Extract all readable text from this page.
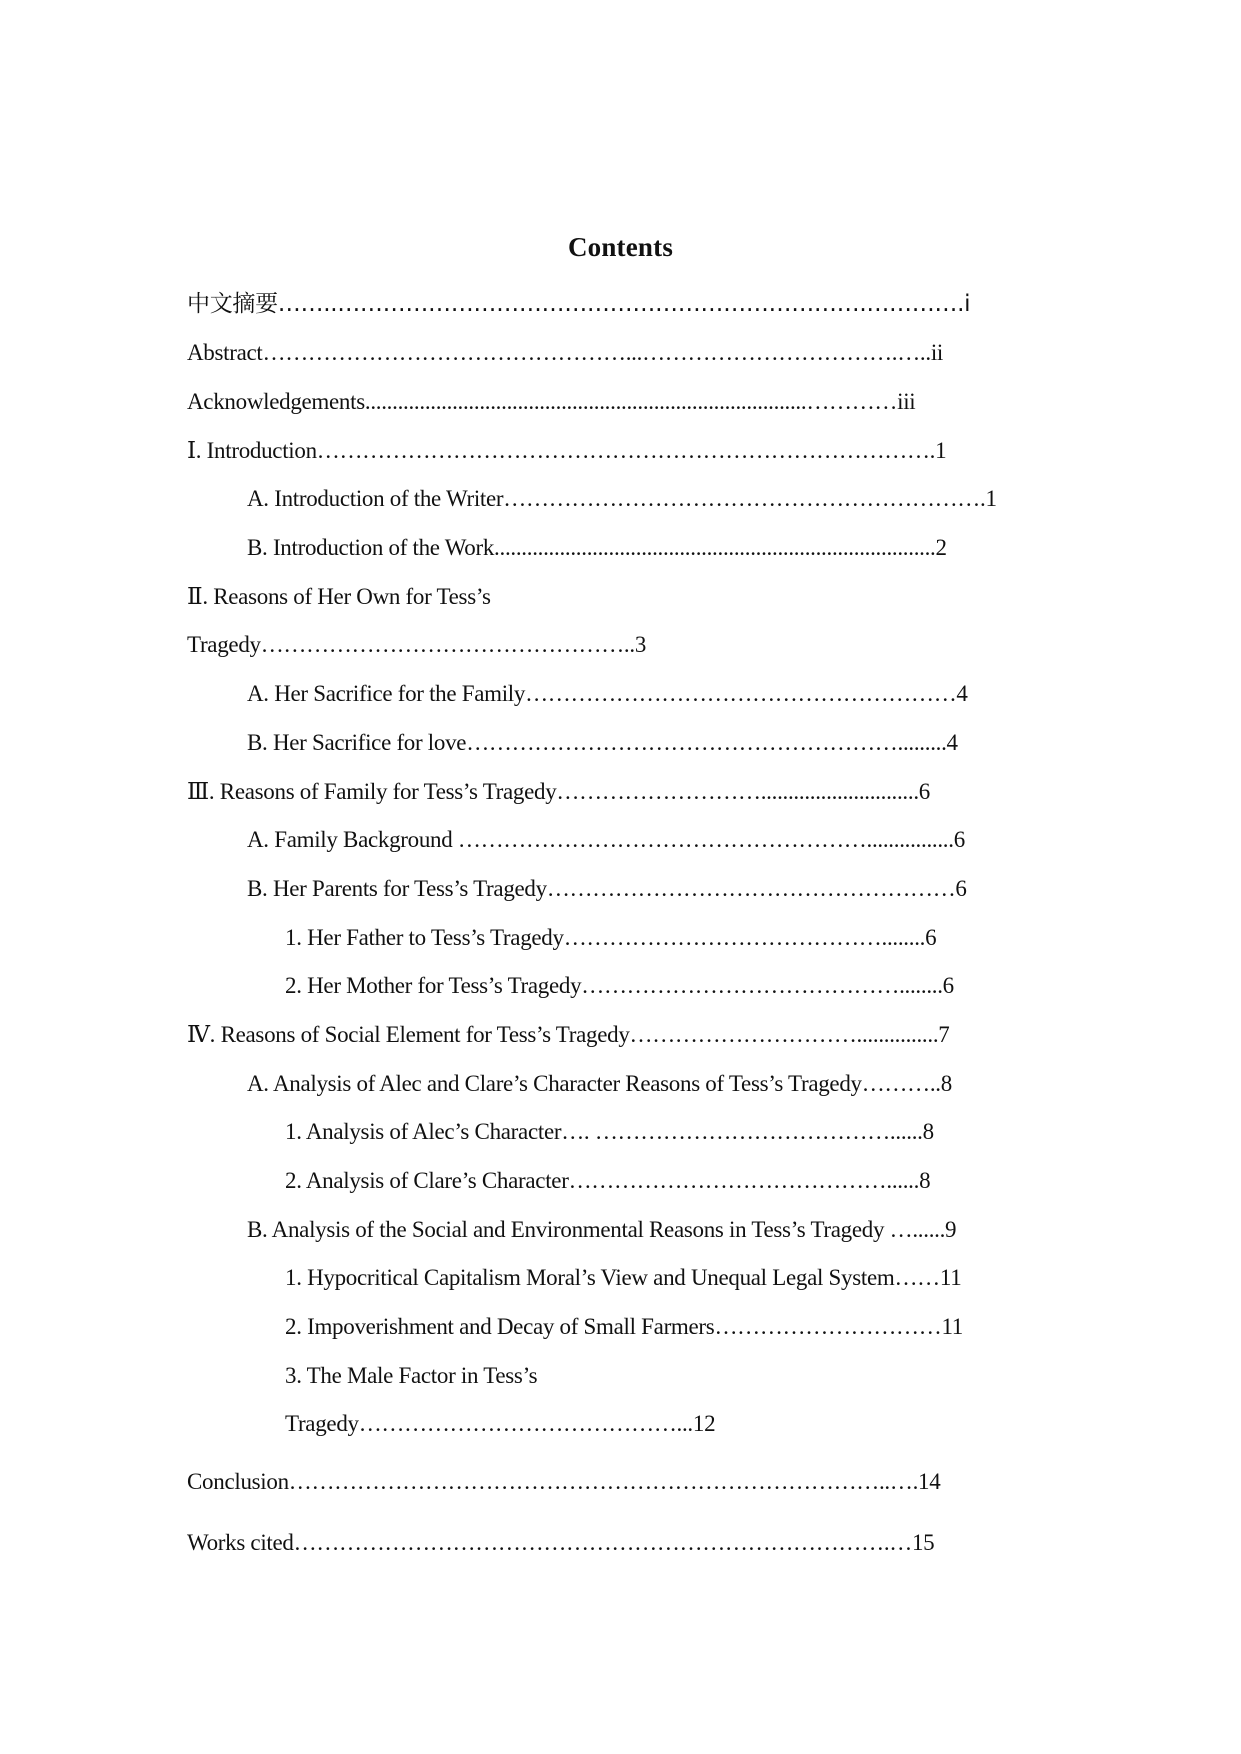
Contents
中文摘要……..…………………………………………………………….………….i
Abstract…………………………………………...…………………………….…..ii
Acknowledgements.................................................................................…………iii
Ⅰ. Introduction……………………………………………………………………….1
A. Introduction of the Writer……………………………………………………….1
B. Introduction of the Work.................................................................................2
Ⅱ. Reasons of Her Own for Tess’s
Tragedy…………………………………………..3
A. Her Sacrifice for the Family…………………………………………………4
B. Her Sacrifice for love………………………………………………….........4
Ⅲ. Reasons of Family for Tess’s Tragedy……………………….............................6
A. Family Background ………………………………………………................6
B. Her Parents for Tess’s Tragedy………………………………………………6
1. Her Father to Tess’s Tragedy……………………………………........6
2. Her Mother for Tess’s Tragedy……………………………………........6
Ⅳ. Reasons of Social Element for Tess’s Tragedy…………………………...............7
A. Analysis of Alec and Clare’s Character Reasons of Tess’s Tragedy………..8
1. Analysis of Alec’s Character…. …………………………………......8
2. Analysis of Clare’s Character……………………………………......8
B. Analysis of the Social and Environmental Reasons in Tess’s Tragedy …......9
1. Hypocritical Capitalism Moral’s View and Unequal Legal System……11
2. Impoverishment and Decay of Small Farmers…………………………11
3. The Male Factor in Tess’s
Tragedy……………………………………...12
Conclusion……………………………………………………………………..….14
Works cited…………………………………………………………………….…15
